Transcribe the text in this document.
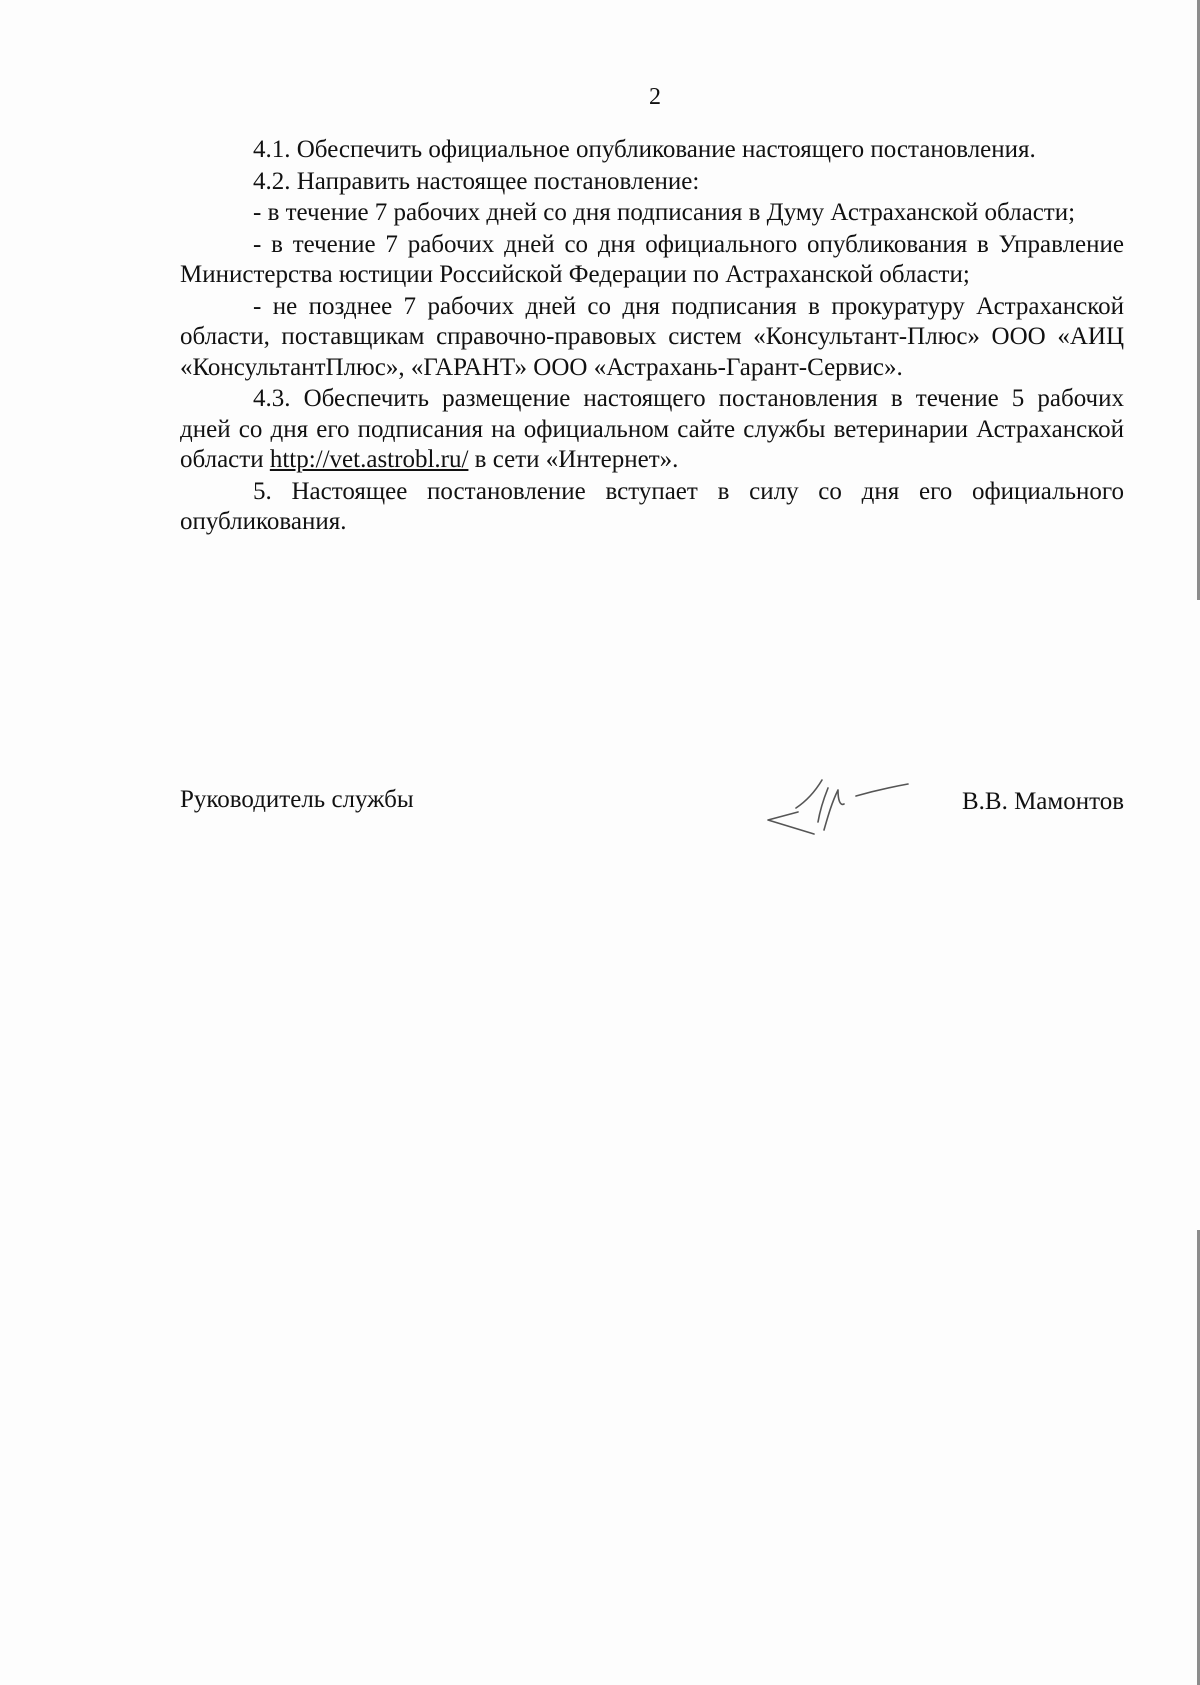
2

4.1. Обеспечить официальное опубликование настоящего постановления.

4.2. Направить настоящее постановление:

- в течение 7 рабочих дней со дня подписания в Думу Астраханской области;

- в течение 7 рабочих дней со дня официального опубликования в Управление Министерства юстиции Российской Федерации по Астраханской области;

- не позднее 7 рабочих дней со дня подписания в прокуратуру Астраханской области, поставщикам справочно-правовых систем «Консультант-Плюс» ООО «АИЦ «КонсультантПлюс», «ГАРАНТ» ООО «Астрахань-Гарант-Сервис».

4.3. Обеспечить размещение настоящего постановления в течение 5 рабочих дней со дня его подписания на официальном сайте службы ветеринарии Астраханской области http://vet.astrobl.ru/ в сети «Интернет».

5. Настоящее постановление вступает в силу со дня его официального опубликования.

Руководитель службы	В.В. Мамонтов
